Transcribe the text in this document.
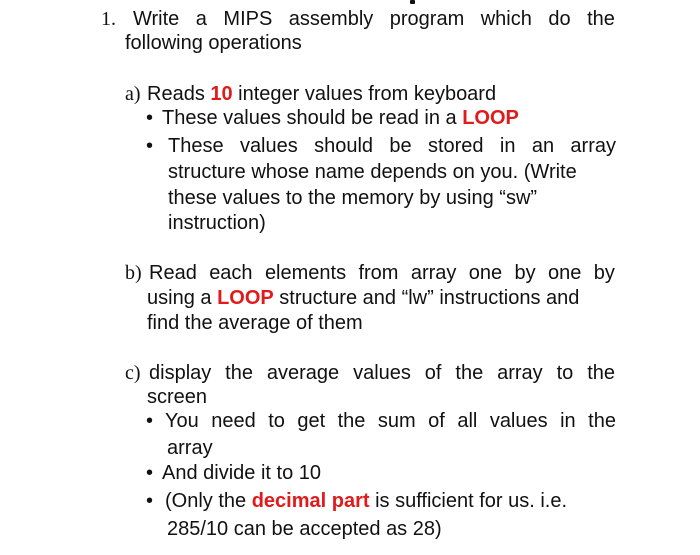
1. Write a MIPS assembly program which do the
following operations
a) Reads 10 integer values from keyboard
• These values should be read in a LOOP
• These values should be stored in an array
structure whose name depends on you. (Write
these values to the memory by using “sw”
instruction)
b) Read each elements from array one by one by
using a LOOP structure and “lw” instructions and
find the average of them
c) display the average values of the array to the
screen
• You need to get the sum of all values in the
array
• And divide it to 10
• (Only the decimal part is sufficient for us. i.e.
285/10 can be accepted as 28)
